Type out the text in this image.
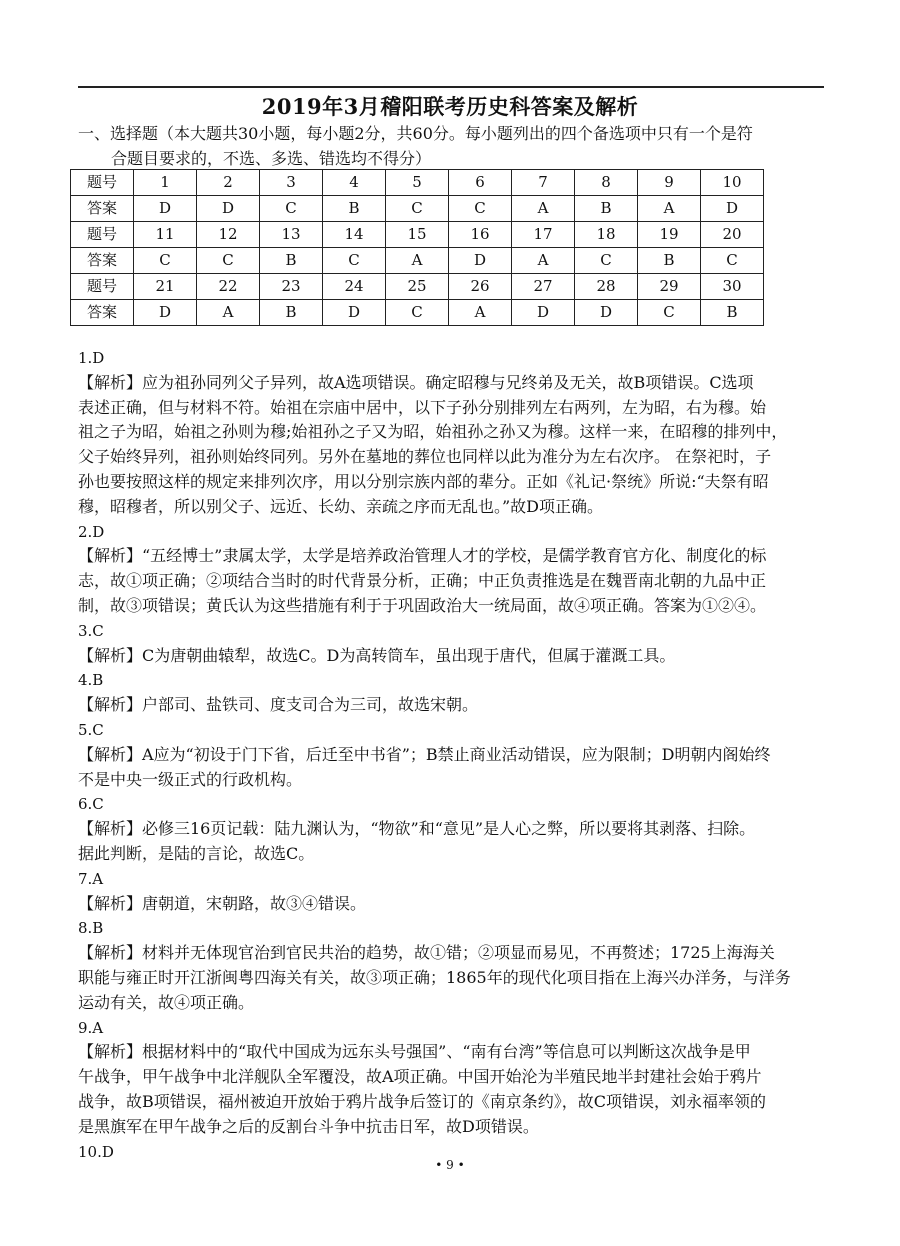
2019年3月稽阳联考历史科答案及解析
一、选择题（本大题共30小题，每小题2分，共60分。每小题列出的四个备选项中只有一个是符
合题目要求的，不选、多选、错选均不得分）
题号	1	2	3	4	5	6	7	8	9	10
答案	D	D	C	B	C	C	A	B	A	D
题号	11	12	13	14	15	16	17	18	19	20
答案	C	C	B	C	A	D	A	C	B	C
题号	21	22	23	24	25	26	27	28	29	30
答案	D	A	B	D	C	A	D	D	C	B

1.D

【解析】应为祖孙同列父子异列，故A选项错误。确定昭穆与兄终弟及无关，故B项错误。C选项

表述正确，但与材料不符。始祖在宗庙中居中，以下子孙分别排列左右两列，左为昭，右为穆。始

祖之子为昭，始祖之孙则为穆;始祖孙之子又为昭，始祖孙之孙又为穆。这样一来，在昭穆的排列中，

父子始终异列，祖孙则始终同列。另外在墓地的葬位也同样以此为准分为左右次序。 在祭祀时，子

孙也要按照这样的规定来排列次序，用以分别宗族内部的辈分。正如《礼记·祭统》所说:“夫祭有昭

穆，昭穆者，所以别父子、远近、长幼、亲疏之序而无乱也。”故D项正确。

2.D

【解析】“五经博士”隶属太学，太学是培养政治管理人才的学校，是儒学教育官方化、制度化的标

志，故①项正确；②项结合当时的时代背景分析，正确；中正负责推选是在魏晋南北朝的九品中正

制，故③项错误；黄氏认为这些措施有利于于巩固政治大一统局面，故④项正确。答案为①②④。

3.C

【解析】C为唐朝曲辕犁，故选C。D为高转筒车，虽出现于唐代，但属于灌溉工具。

4.B

【解析】户部司、盐铁司、度支司合为三司，故选宋朝。

5.C

【解析】A应为“初设于门下省，后迁至中书省”；B禁止商业活动错误，应为限制；D明朝内阁始终

不是中央一级正式的行政机构。

6.C

【解析】必修三16页记载：陆九渊认为，“物欲”和“意见”是人心之弊，所以要将其剥落、扫除。

据此判断，是陆的言论，故选C。

7.A

【解析】唐朝道，宋朝路，故③④错误。

8.B

【解析】材料并无体现官治到官民共治的趋势，故①错；②项显而易见，不再赘述；1725上海海关

职能与雍正时开江浙闽粤四海关有关，故③项正确；1865年的现代化项目指在上海兴办洋务，与洋务

运动有关，故④项正确。

9.A

【解析】根据材料中的“取代中国成为远东头号强国”、“南有台湾”等信息可以判断这次战争是甲

午战争，甲午战争中北洋舰队全军覆没，故A项正确。中国开始沦为半殖民地半封建社会始于鸦片

战争，故B项错误，福州被迫开放始于鸦片战争后签订的《南京条约》，故C项错误，刘永福率领的

是黑旗军在甲午战争之后的反割台斗争中抗击日军，故D项错误。

10.D

• 9 •
